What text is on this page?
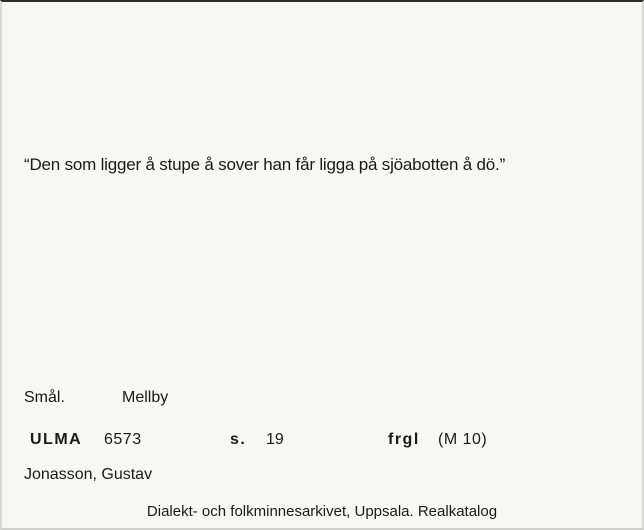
“Den som ligger å stupe å sover han får ligga på sjöabotten å dö.”
Smål.	Mellby
ULMA 6573	s. 19	frgl (M 10)
Jonasson, Gustav
Dialekt- och folkminnesarkivet, Uppsala. Realkatalog
